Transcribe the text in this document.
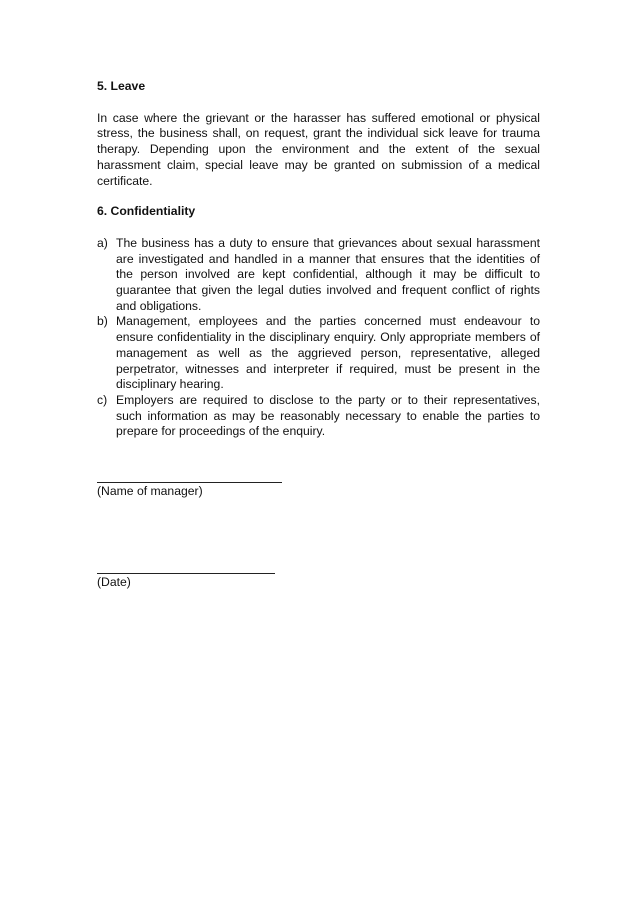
5. Leave

In case where the grievant or the harasser has suffered emotional or physical stress, the business shall, on request, grant the individual sick leave for trauma therapy. Depending upon the environment and the extent of the sexual harassment claim, special leave may be granted on submission of a medical certificate.

6. Confidentiality

a) The business has a duty to ensure that grievances about sexual harassment are investigated and handled in a manner that ensures that the identities of the person involved are kept confidential, although it may be difficult to guarantee that given the legal duties involved and frequent conflict of rights and obligations.
b) Management, employees and the parties concerned must endeavour to ensure confidentiality in the disciplinary enquiry. Only appropriate members of management as well as the aggrieved person, representative, alleged perpetrator, witnesses and interpreter if required, must be present in the disciplinary hearing.
c) Employers are required to disclose to the party or to their representatives, such information as may be reasonably necessary to enable the parties to prepare for proceedings of the enquiry.
(Name of manager)
(Date)
